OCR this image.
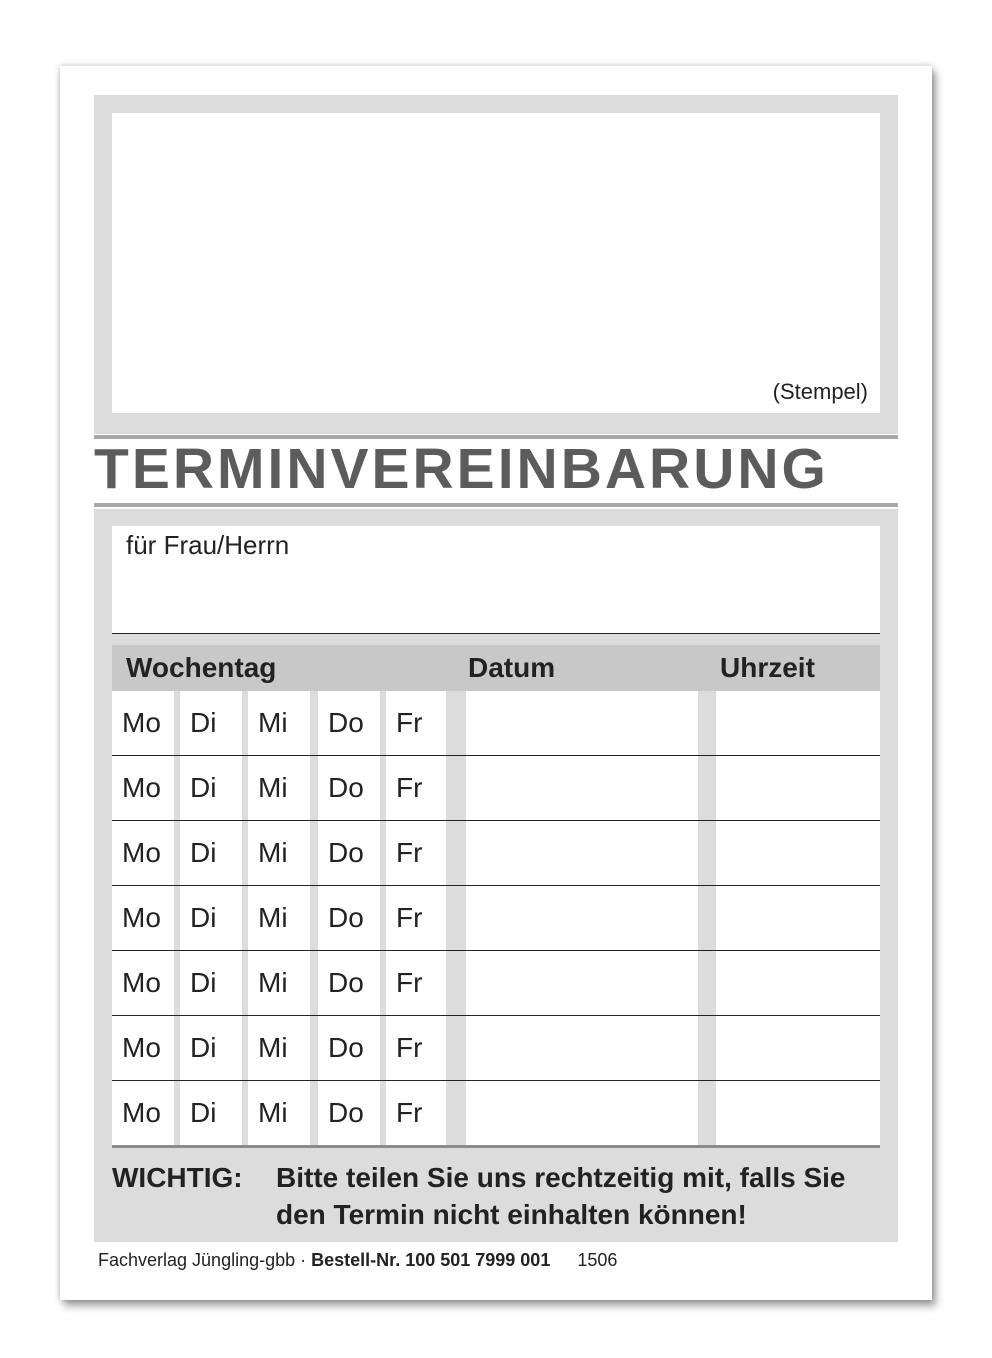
(Stempel)
TERMINVEREINBARUNG
für Frau/Herrn
Wochentag	Datum	Uhrzeit
Mo	Di	Mi	Do	Fr
Mo	Di	Mi	Do	Fr
Mo	Di	Mi	Do	Fr
Mo	Di	Mi	Do	Fr
Mo	Di	Mi	Do	Fr
Mo	Di	Mi	Do	Fr
Mo	Di	Mi	Do	Fr
WICHTIG: Bitte teilen Sie uns rechtzeitig mit, falls Sie den Termin nicht einhalten können!
Fachverlag Jüngling-gbb · Bestell-Nr. 100 501 7999 001 1506
